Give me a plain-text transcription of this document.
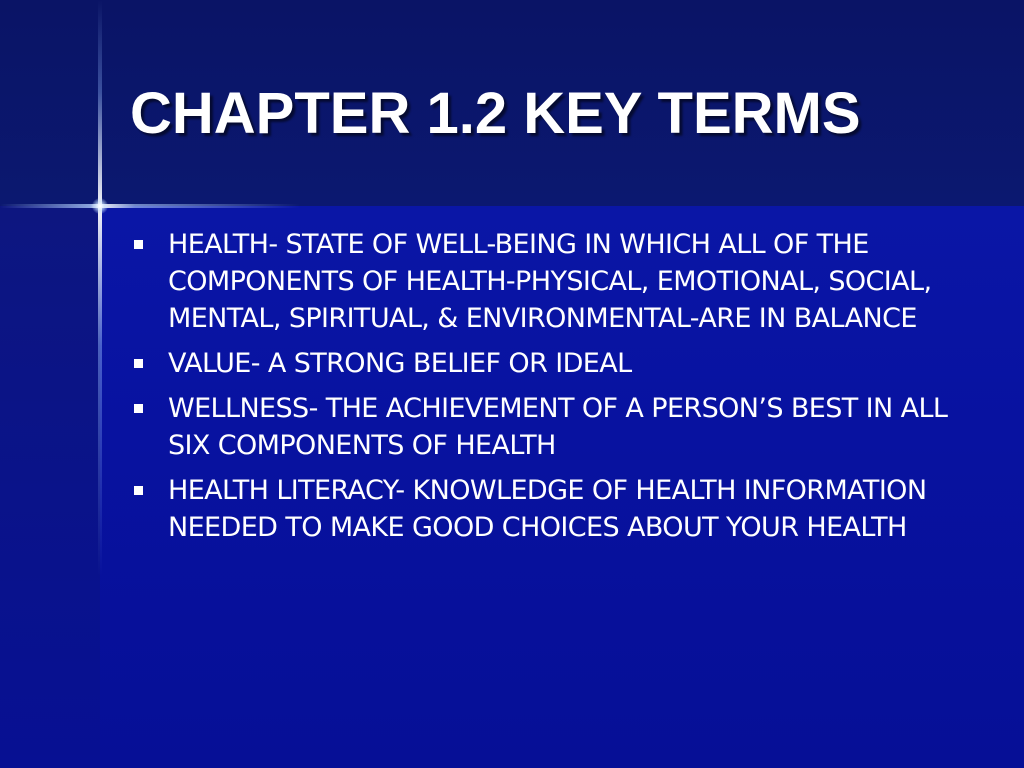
CHAPTER 1.2 KEY TERMS
HEALTH- STATE OF WELL-BEING IN WHICH ALL OF THE COMPONENTS OF HEALTH-PHYSICAL, EMOTIONAL, SOCIAL, MENTAL, SPIRITUAL, & ENVIRONMENTAL-ARE IN BALANCE
VALUE- A STRONG BELIEF OR IDEAL
WELLNESS- THE ACHIEVEMENT OF A PERSON’S BEST IN ALL SIX COMPONENTS OF HEALTH
HEALTH LITERACY- KNOWLEDGE OF HEALTH INFORMATION NEEDED TO MAKE GOOD CHOICES ABOUT YOUR HEALTH
